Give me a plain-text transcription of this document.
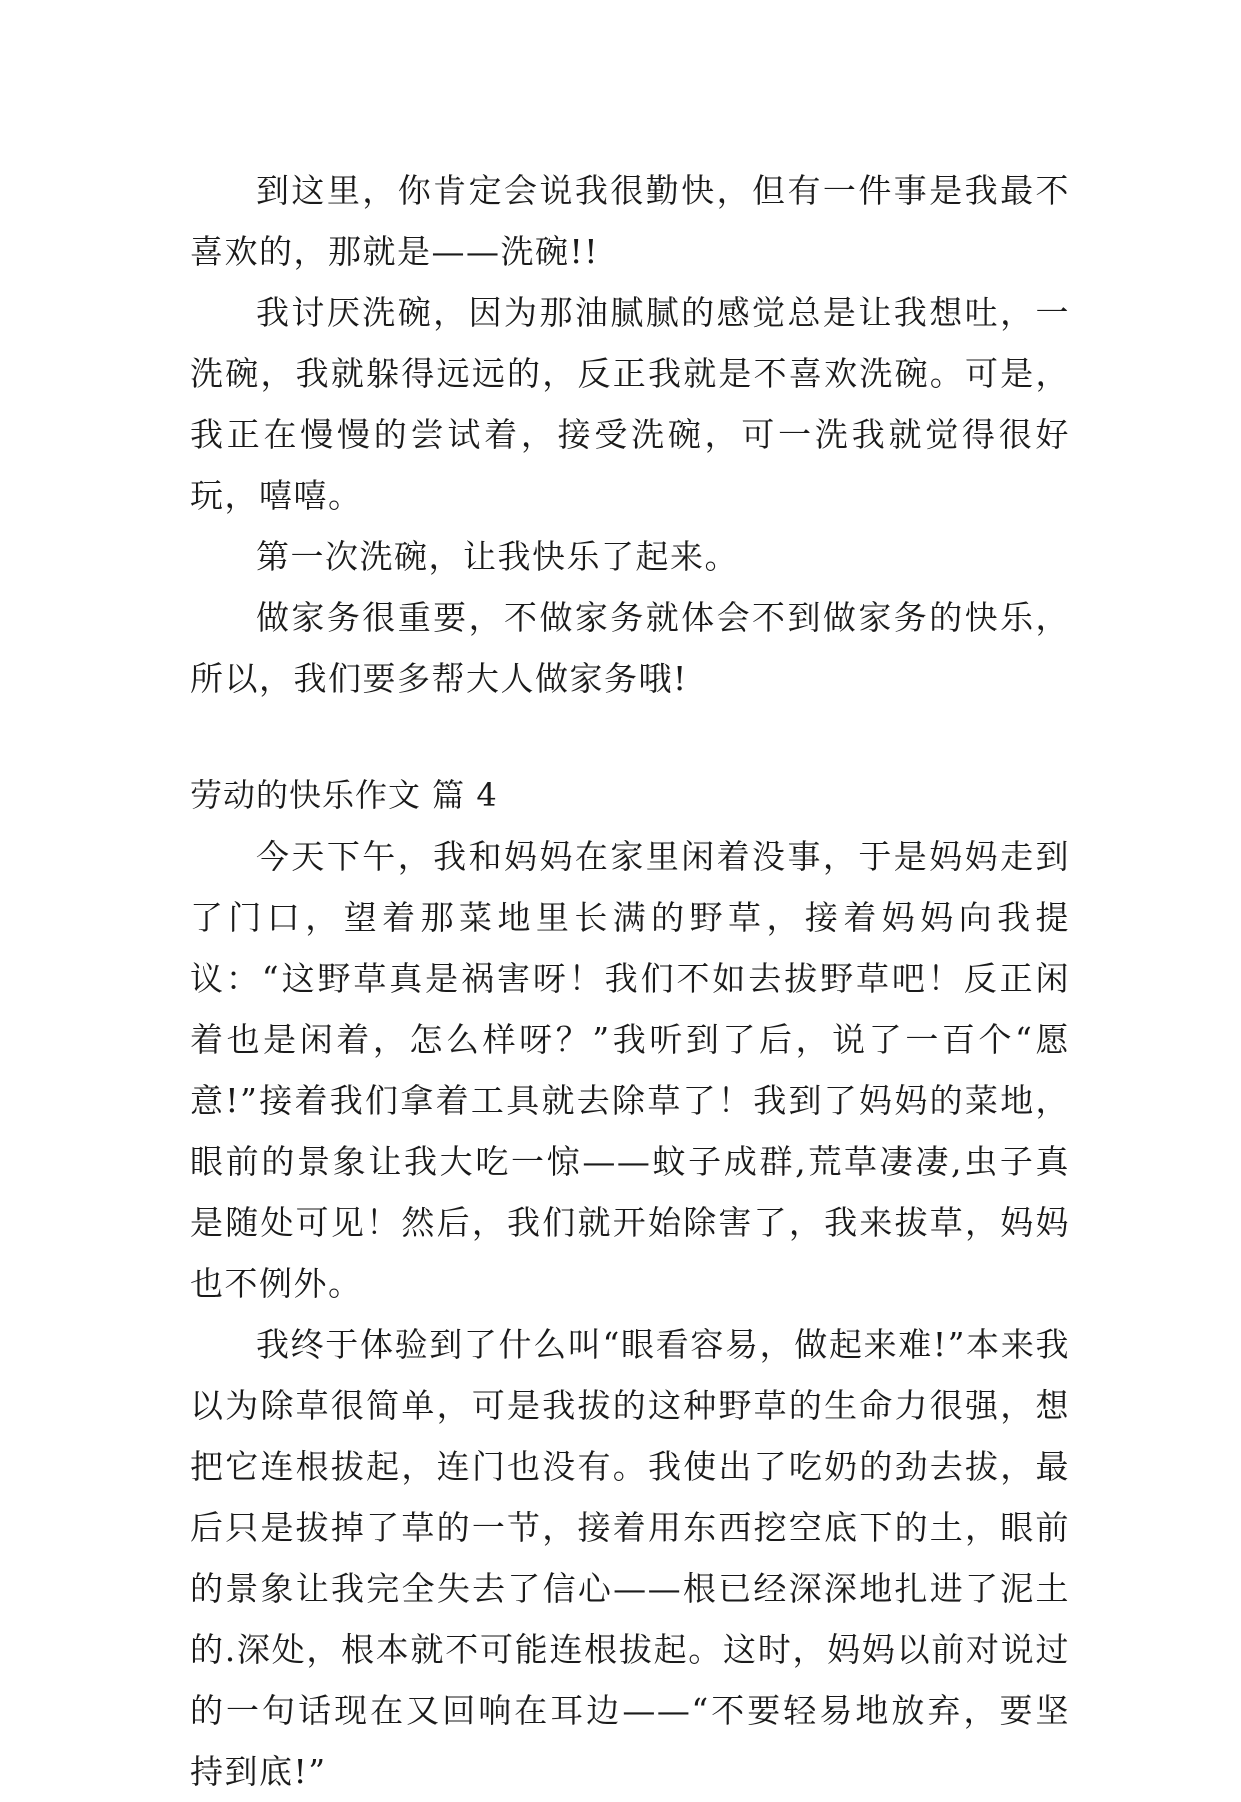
到这里，你肯定会说我很勤快，但有一件事是我最不喜欢的，那就是——洗碗!!

我讨厌洗碗，因为那油腻腻的感觉总是让我想吐，一洗碗，我就躲得远远的，反正我就是不喜欢洗碗。可是，我正在慢慢的尝试着，接受洗碗，可一洗我就觉得很好玩，嘻嘻。

第一次洗碗，让我快乐了起来。

做家务很重要，不做家务就体会不到做家务的快乐，所以，我们要多帮大人做家务哦!

劳动的快乐作文 篇 4

今天下午，我和妈妈在家里闲着没事，于是妈妈走到了门口，望着那菜地里长满的野草，接着妈妈向我提议：“这野草真是祸害呀！我们不如去拔野草吧！反正闲着也是闲着，怎么样呀？”我听到了后，说了一百个“愿意!”接着我们拿着工具就去除草了！我到了妈妈的菜地，眼前的景象让我大吃一惊——蚊子成群,荒草凄凄,虫子真是随处可见！然后，我们就开始除害了，我来拔草，妈妈也不例外。

我终于体验到了什么叫“眼看容易，做起来难!”本来我以为除草很简单，可是我拔的这种野草的生命力很强，想把它连根拔起，连门也没有。我使出了吃奶的劲去拔，最后只是拔掉了草的一节，接着用东西挖空底下的土，眼前的景象让我完全失去了信心——根已经深深地扎进了泥土的.深处，根本就不可能连根拔起。这时，妈妈以前对说过的一句话现在又回响在耳边——“不要轻易地放弃，要坚持到底!”
